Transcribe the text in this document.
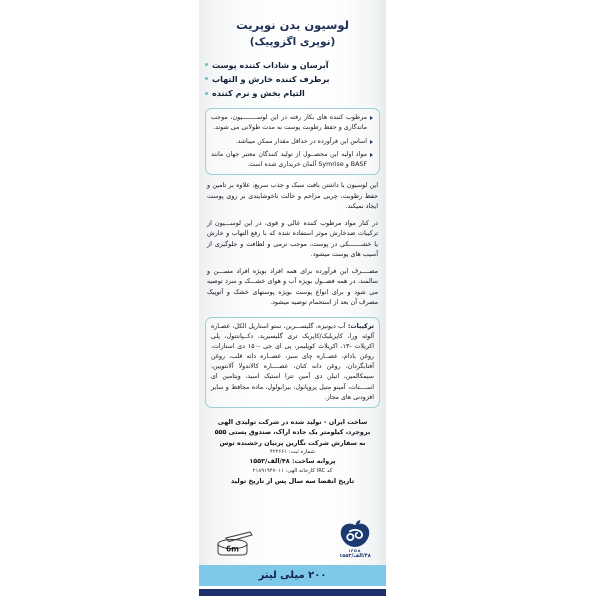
لوسیون بدن نوپریت
(نوپری اگزوپیک)
آبرسان و شاداب کننده پوست
برطرف کننده خارش و التهاب
التیام بخش و نرم کننده
مرطوب کننده های بکار رفته در این لوســــــــیون، موجب ماندگاری و حفظ رطوبت پوست به مدت طولانی می شوند.
اساس این فرآورده در حداقل مقدار ممکن میباشد.
مواد اولیه این محصــول از تولید کنندگان معتبر جهان مانند BASF و Symrise آلمان خریداری شده است.
این لوسیون با داشتن بافت سبک و جذب سریع، علاوه بر تامین و حفظ رطوبت، چربی مزاحم و حالت ناخوشایندی بر روی پوست ایجاد نمیکند.
در کنار مواد مرطوب کننده عالی و قوی، در این لوســـیون از ترکیبات ضدخارش موثر استفاده شده که با رفع التهاب و خارش یا خشـــــــکی در پوست، موجب نرمی و لطافت و جلوگیری از آسیب های پوست میشود.
مصــــرف این فرآورده برای همه افراد بویژه افراد مســـن و سالمند، در همه فصــول بویژه آب و هوای خشـــک و سرد توصیه می شود و برای انواع پوست بویژه پوستهای خشک و آتوپیک مصرف آن بعد از استحمام توصیه میشود.
ترکیبات: آب دیونیزه، گلیســـرین، ستو استاریل الکل، عصـاره آلوئه ورا، کاپریلیک/کاپریک تری گلیسیرید، دکــپانتنول، پلی اکریلات -۱۳، اکریلات کوپلیمر، پی ای جی -۱۵۰ دی استارات، روغن بادام، عصــاره چای سبز، عصــاره دانه قلب، روغن آفتابگردان، روغن دانه کتان، عصــــاره کالاندولا آلانتویین، سیمکالمین، اتیلن دی آمین تترا استیک اسید، ویتامین ای اســــتات، آمینو متیل پروپانول، بیزابولول، ماده محافظ و سایر افزودنی های مجاز.
ساخت ایران - تولید شده در شرکت تولیدی الهی
بروجرد، کیلومتر یک جاده اراک، صندوق پستی ۵۵۵
به سفارش شرکت نگارین پرنیان رخشنده توس
شماره ثبت: ۴۲۲۶۶۱
پروانه ساخت: ۴۸/الف/۱۵۵۳
کد IRC کارخانه الهی: ۲۱۸۹۱۹۴۷۰۱۱
تاریخ انقضا سه سال پس از تاریخ تولید
IFDA
۴۸/الف/۱۵۵۳
6m
۲۰۰ میلی لیتر
